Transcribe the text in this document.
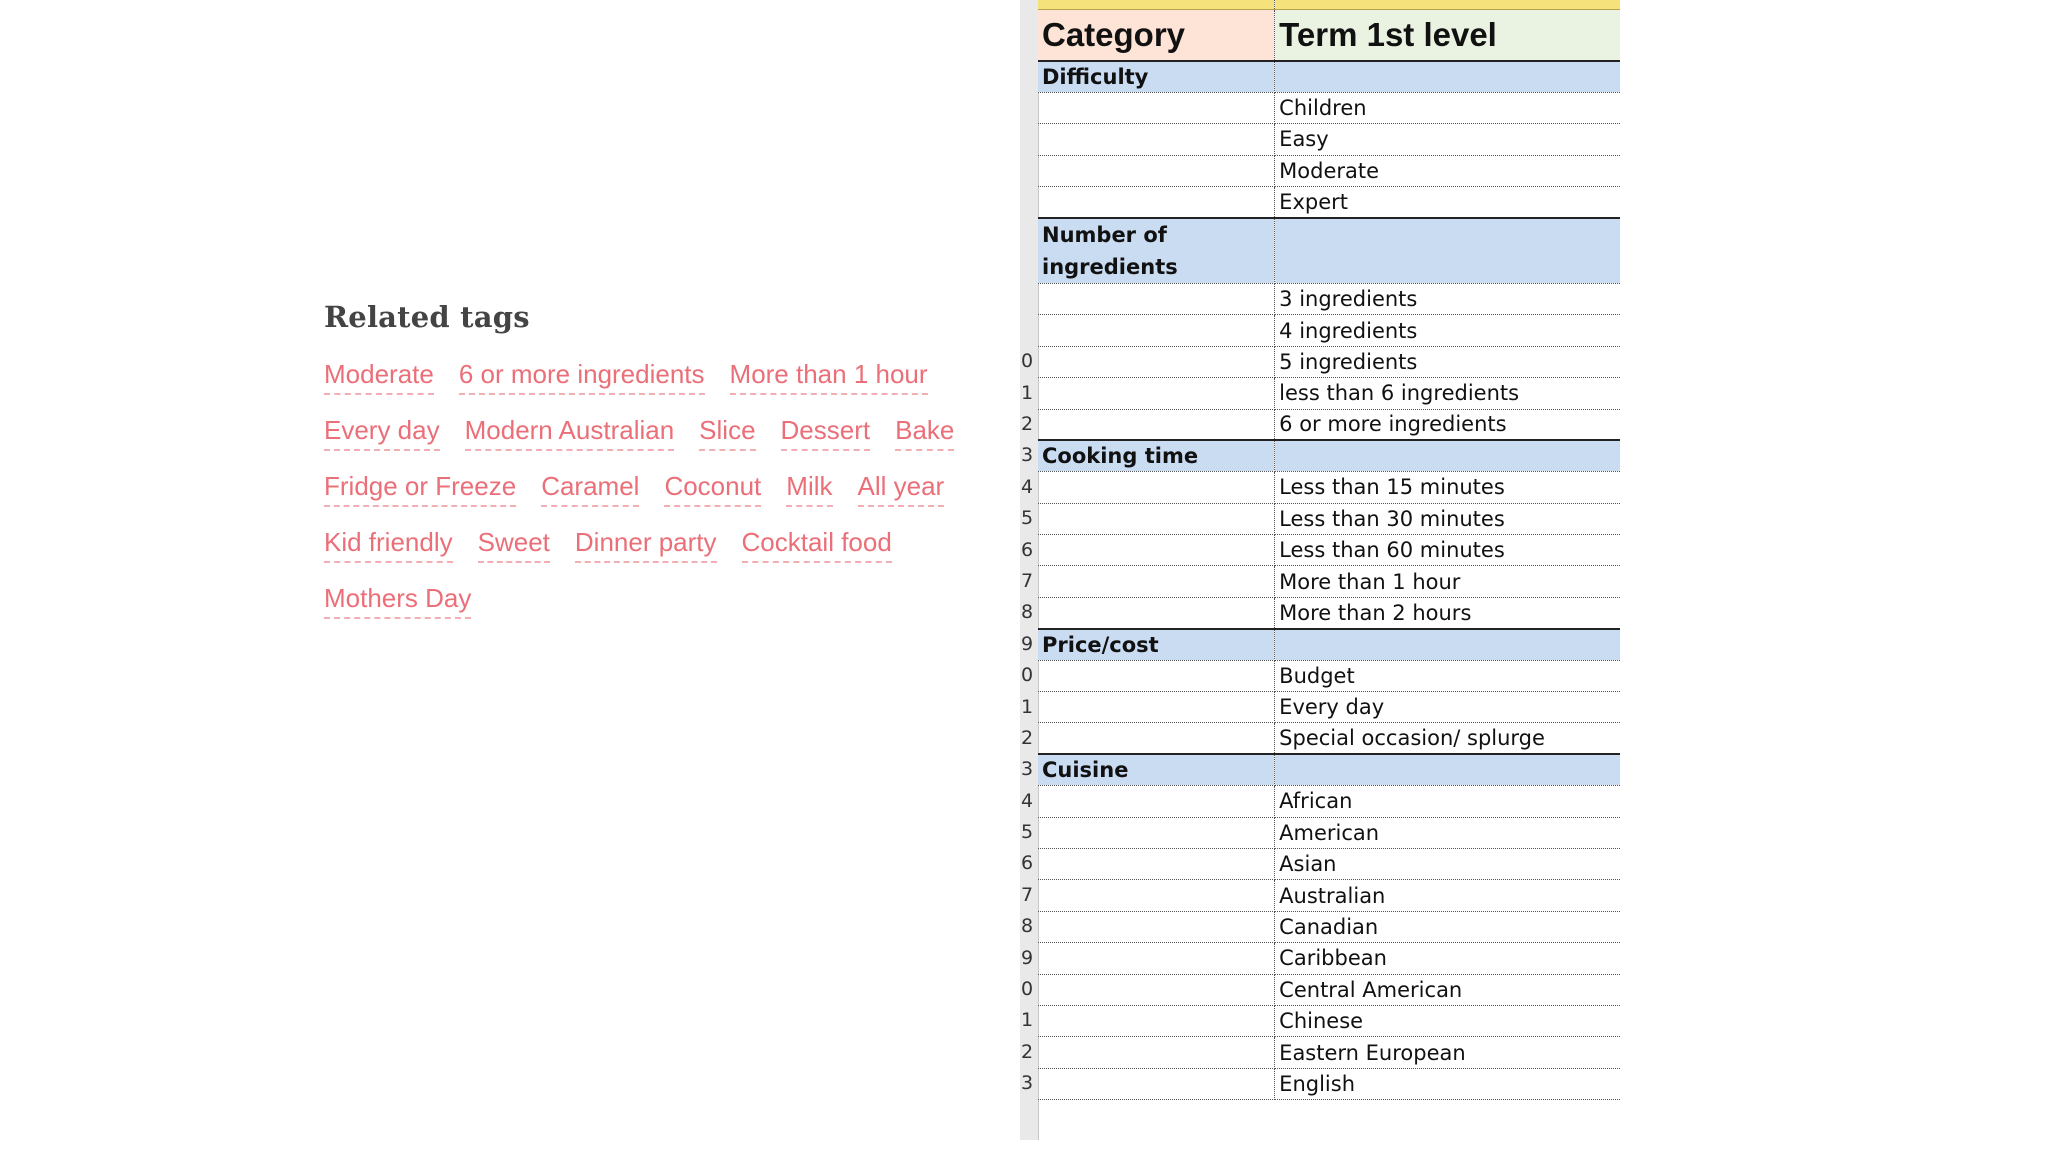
Related tags
Moderate 6 or more ingredients More than 1 hour
Every day Modern Australian Slice Dessert Bake
Fridge or Freeze Caramel Coconut Milk All year
Kid friendly Sweet Dinner party Cocktail food
Mothers Day
0
1
2
3
4
5
6
7
8
9
0
1
2
3
4
5
6
7
8
9
0
1
2
3

Category	Term 1st level	
Difficulty		
	Children	
	Easy	
	Moderate	
	Expert	
Number of ingredients		
	3 ingredients	
	4 ingredients	
	5 ingredients	
	less than 6 ingredients	
	6 or more ingredients	
Cooking time		
	Less than 15 minutes	
	Less than 30 minutes	
	Less than 60 minutes	
	More than 1 hour	
	More than 2 hours	
Price/cost		
	Budget	
	Every day	
	Special occasion/ splurge	
Cuisine		
	African	
	American	
	Asian	
	Australian	
	Canadian	
	Caribbean	
	Central American	
	Chinese	
	Eastern European	
	English	
